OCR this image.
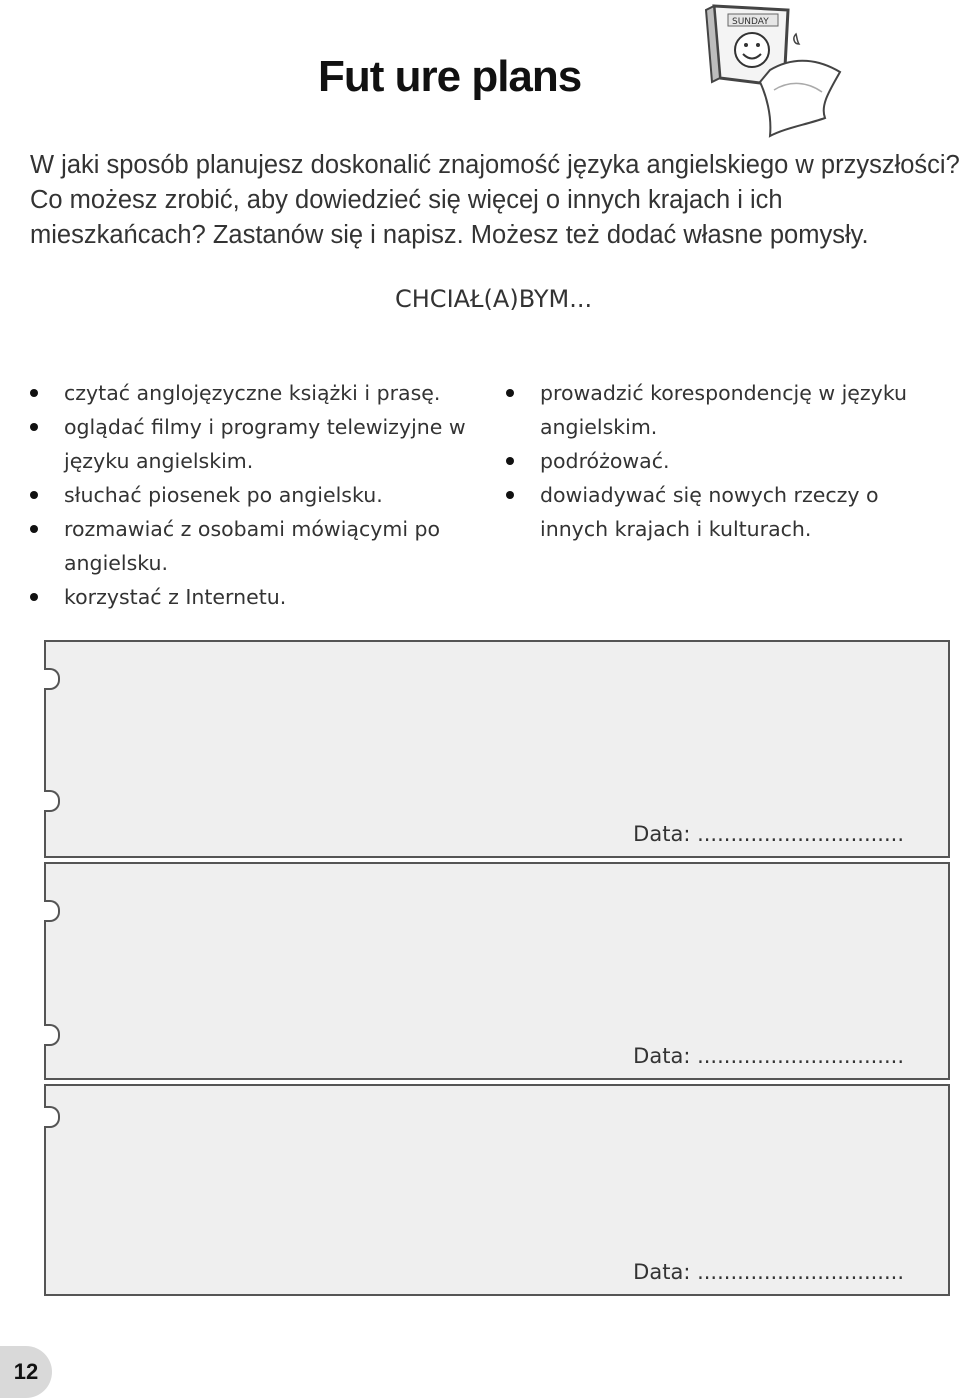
Fut ure plans
SUNDAY
W jaki sposób planujesz doskonalić znajomość języka angielskiego w przyszłości? Co możesz zrobić, aby dowiedzieć się więcej o innych krajach i ich mieszkańcach? Zastanów się i napisz. Możesz też dodać własne pomysły.
CHCIAŁ(A)BYM...
czytać anglojęzyczne książki i prasę.
oglądać filmy i programy telewizyjne w języku angielskim.
słuchać piosenek po angielsku.
rozmawiać z osobami mówiącymi po angielsku.
korzystać z Internetu.
prowadzić korespondencję w języku angielskim.
podróżować.
dowiadywać się nowych rzeczy o innych krajach i kulturach.
Data: ...............................
Data: ...............................
Data: ...............................
12
